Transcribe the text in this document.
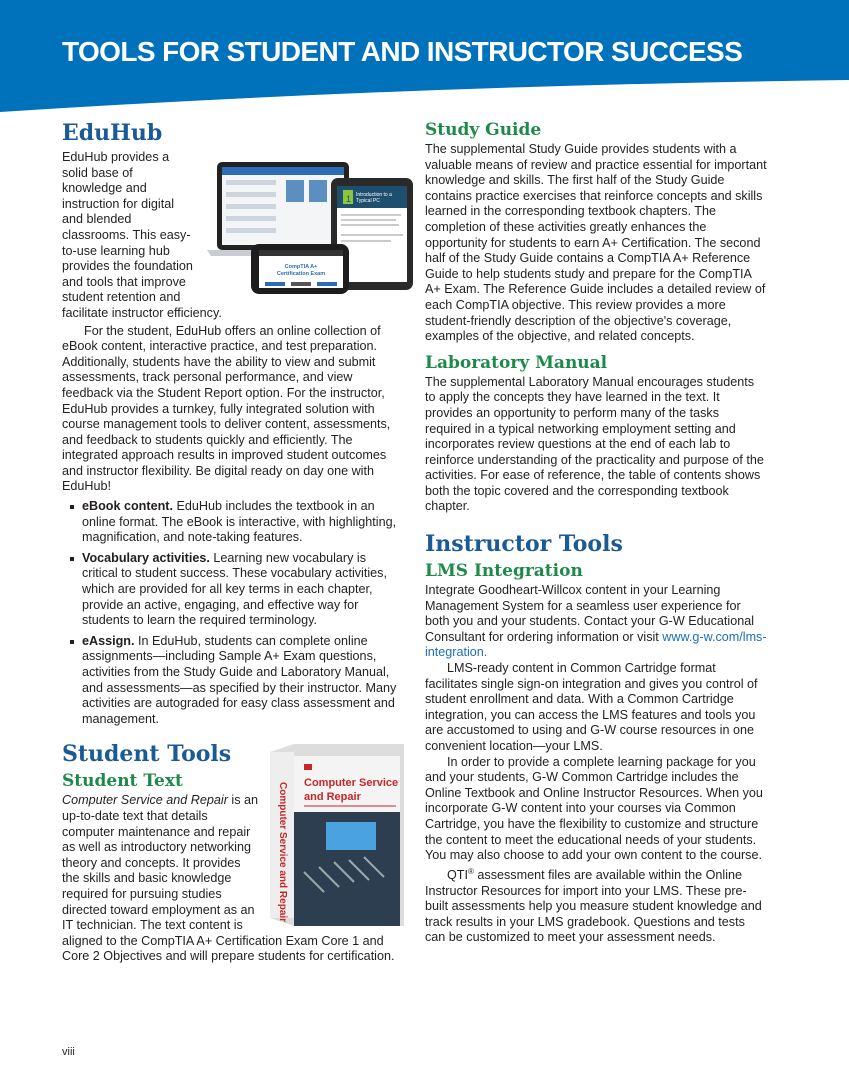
TOOLS FOR STUDENT AND INSTRUCTOR SUCCESS
EduHub
1 Introduction to a
Typical PC
CompTIA A+
Certification Exam

EduHub provides a solid base of knowledge and instruction for digital and blended classrooms. This easy-to-use learning hub provides the foundation and tools that improve student retention and facilitate instructor efficiency.

For the student, EduHub offers an online collection of eBook content, interactive practice, and test preparation. Additionally, students have the ability to view and submit assessments, track personal performance, and view feedback via the Student Report option. For the instructor, EduHub provides a turnkey, fully integrated solution with course management tools to deliver content, assessments, and feedback to students quickly and efficiently. The integrated approach results in improved student outcomes and instructor flexibility. Be digital ready on day one with EduHub!

eBook content. EduHub includes the textbook in an online format. The eBook is interactive, with highlighting, magnification, and note-taking features.
Vocabulary activities. Learning new vocabulary is critical to student success. These vocabulary activities, which are provided for all key terms in each chapter, provide an active, engaging, and effective way for students to learn the required terminology.
eAssign. In EduHub, students can complete online assignments—including Sample A+ Exam questions, activities from the Study Guide and Laboratory Manual, and assessments—as specified by their instructor. Many activities are autograded for easy class assessment and management.
Computer Service and Repair Computer Service
and Repair
Student Tools
Student Text

Computer Service and Repair is an up-to-date text that details computer maintenance and repair as well as introductory networking theory and concepts. It provides the skills and basic knowledge required for pursuing studies directed toward employment as an IT technician. The text content is aligned to the CompTIA A+ Certification Exam Core 1 and Core 2 Objectives and will prepare students for certification.

Study Guide

The supplemental Study Guide provides students with a valuable means of review and practice essential for important knowledge and skills. The first half of the Study Guide contains practice exercises that reinforce concepts and skills learned in the corresponding textbook chapters. The completion of these activities greatly enhances the opportunity for students to earn A+ Certification. The second half of the Study Guide contains a CompTIA A+ Reference Guide to help students study and prepare for the CompTIA A+ Exam. The Reference Guide includes a detailed review of each CompTIA objective. This review provides a more student-friendly description of the objective's coverage, examples of the objective, and related concepts.

Laboratory Manual

The supplemental Laboratory Manual encourages students to apply the concepts they have learned in the text. It provides an opportunity to perform many of the tasks required in a typical networking employment setting and incorporates review questions at the end of each lab to reinforce understanding of the practicality and purpose of the activities. For ease of reference, the table of contents shows both the topic covered and the corresponding textbook chapter.

Instructor Tools
LMS Integration

Integrate Goodheart-Willcox content in your Learning Management System for a seamless user experience for both you and your students. Contact your G-W Educational Consultant for ordering information or visit www.g-w.com/lms-integration.

LMS-ready content in Common Cartridge format facilitates single sign-on integration and gives you control of student enrollment and data. With a Common Cartridge integration, you can access the LMS features and tools you are accustomed to using and G-W course resources in one convenient location—your LMS.

In order to provide a complete learning package for you and your students, G-W Common Cartridge includes the Online Textbook and Online Instructor Resources. When you incorporate G-W content into your courses via Common Cartridge, you have the flexibility to customize and structure the content to meet the educational needs of your students. You may also choose to add your own content to the course.

QTI® assessment files are available within the Online Instructor Resources for import into your LMS. These pre-built assessments help you measure student knowledge and track results in your LMS gradebook. Questions and tests can be customized to meet your assessment needs.

viii
